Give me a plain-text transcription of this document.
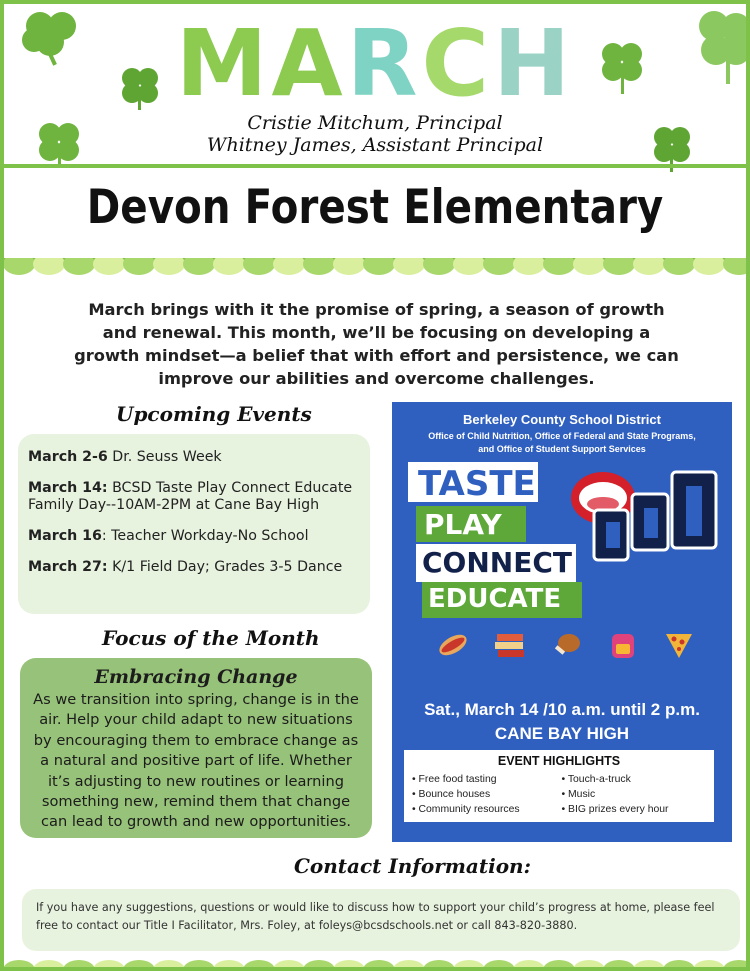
MARCH
Cristie Mitchum, Principal
Whitney James, Assistant Principal
Devon Forest Elementary
March brings with it the promise of spring, a season of growth and renewal. This month, we’ll be focusing on developing a growth mindset—a belief that with effort and persistence, we can improve our abilities and overcome challenges.
Upcoming Events
March 2-6 Dr. Seuss Week
March 14: BCSD Taste Play Connect Educate Family Day--10AM-2PM at Cane Bay High
March 16: Teacher Workday-No School
March 27: K/1 Field Day; Grades 3-5 Dance
Focus of the Month
Embracing Change
As we transition into spring, change is in the air. Help your child adapt to new situations by encouraging them to embrace change as a natural and positive part of life. Whether it’s adjusting to new routines or learning something new, remind them that change can lead to growth and new opportunities.
Berkeley County School District
Office of Child Nutrition, Office of Federal and State Programs,
and Office of Student Support Services
TASTE
PLAY
CONNECT
EDUCATE
Sat., March 14 /10 a.m. until 2 p.m.
CANE BAY HIGH
EVENT HIGHLIGHTS
• Free food tasting
• Bounce houses
• Community resources
• Touch-a-truck
• Music
• BIG prizes every hour
Contact Information:
If you have any suggestions, questions or would like to discuss how to support your child’s progress at home, please feel free to contact our Title I Facilitator, Mrs. Foley, at foleys@bcsdschools.net or call 843-820-3880.
